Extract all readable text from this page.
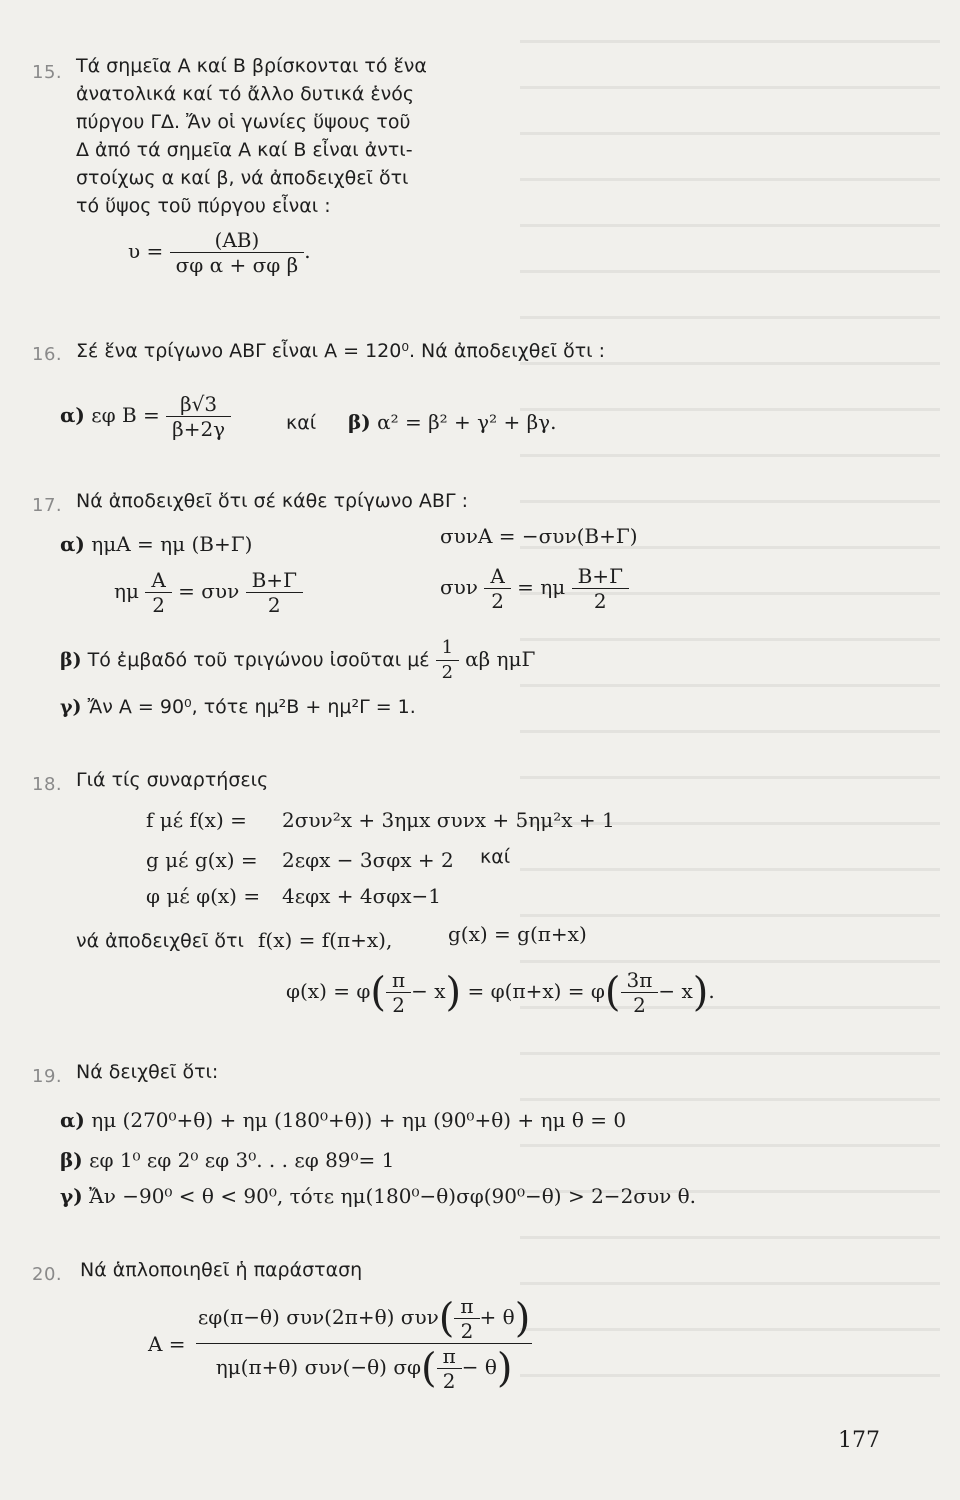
15. Τά σημεῖα Α καί Β βρίσκονται τό ἕνα
ἀνατολικά καί τό ἄλλο δυτικά ἑνός
πύργου ΓΔ. Ἄν οἱ γωνίες ὕψους τοῦ
Δ ἀπό τά σημεῖα Α καί Β εἶναι ἀντι-
στοίχως α καί β, νά ἀποδειχθεῖ ὅτι
τό ὕψος τοῦ πύργου εἶναι :
$\upsilon = \frac{(AB)}{\text{σφ α + σφ β}}$ .
16. Σέ ἕνα τρίγωνο ΑΒΓ εἶναι Α = 120⁰. Νά ἀποδειχθεῖ ὅτι :
α) εφ $B = \frac{\beta√3}{\beta+2\gamma}$	καί β) α² = β² + γ² + βγ.
17. Νά ἀποδειχθεῖ ὅτι σέ κάθε τρίγωνο ΑΒΓ :
α) ημΑ = ημ (Β+Γ)	συνΑ = −συν(Β+Γ)
ημ $\frac{A}{2} = \sigma\upsilon\nu \frac{B+\Gamma}{2}$	συν $\frac{A}{2} = \eta\mu \frac{B+\Gamma}{2}$
β) Τό ἐμβαδό τοῦ τριγώνου ἰσοῦται μέ $\frac{1}{2}$ αβ ημΓ
γ) Ἄν Α = 90⁰, τότε ημ²Β + ημ²Γ = 1.
18. Γιά τίς συναρτήσεις
f μέ f(x) = 2συν²x + 3ημx συνx + 5ημ²x + 1
g μέ g(x) = 2εφx − 3σφx + 2 καί
φ μέ φ(x) = 4εφx + 4σφx−1
νά ἀποδειχθεῖ ὅτι f(x) = f(π+x),	g(x) = g(π+x)
$\varphi(x) = \varphi( \frac{\pi}{2} - x) = \varphi(\pi+x) = \varphi( \frac{3\pi}{2} - x)$.
19. Νά δειχθεῖ ὅτι:
α) ημ (270⁰+θ) + ημ (180⁰+θ)) + ημ (90⁰+θ) + ημ θ = 0
β) εφ 1⁰ εφ 2⁰ εφ 3⁰. . . εφ 89⁰= 1
γ) Ἄν −90⁰ < θ < 90⁰, τότε ημ(180⁰−θ)σφ(90⁰−θ) > 2−2συν θ.
20. Νά ἁπλοποιηθεῖ ἡ παράσταση
$A = \frac{\varepsilon\varphi(\pi-\theta) \sigma\upsilon\nu(2\pi+\theta) \sigma\upsilon\nu( \frac{\pi}{2} + \theta)}{\eta\mu(\pi+\theta) \sigma\upsilon\nu(-\theta) \sigma\varphi( \frac{\pi}{2} - \theta)}$
177
